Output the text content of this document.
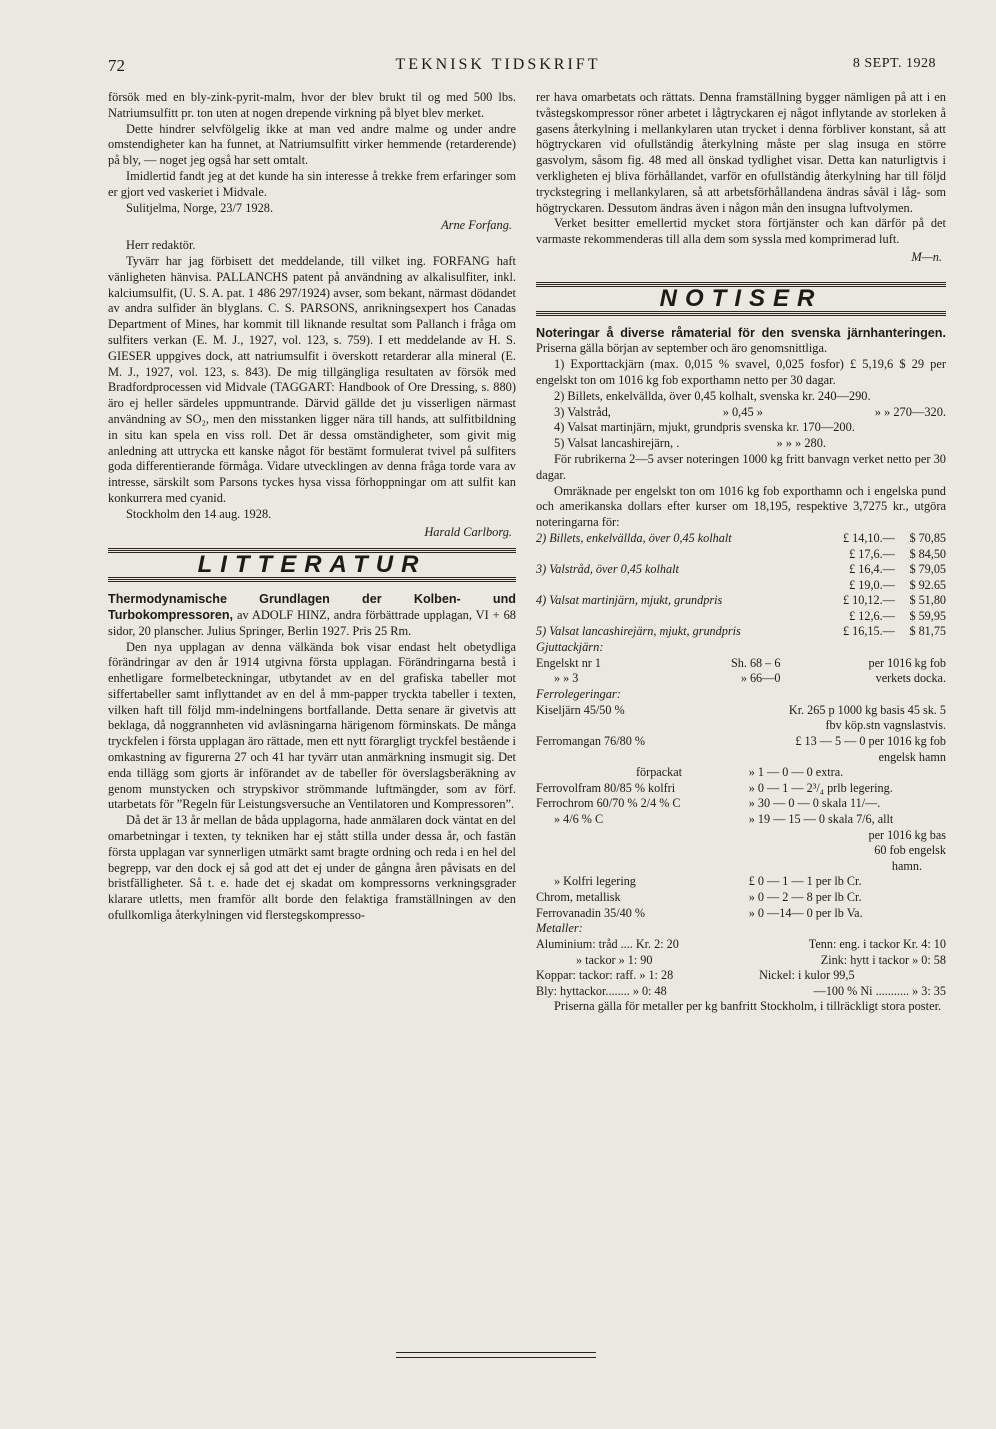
72	TEKNISK TIDSKRIFT	8 SEPT. 1928

försök med en bly-zink-pyrit-malm, hvor der blev brukt til og med 500 lbs. Natriumsulfitt pr. ton uten at nogen drepende virkning på blyet blev merket.

Dette hindrer selvfölgelig ikke at man ved andre malme og under andre omstendigheter kan ha funnet, at Natriumsulfitt virker hemmende (retarderende) på bly, — noget jeg også har sett omtalt.

Imidlertid fandt jeg at det kunde ha sin interesse å trekke frem erfaringer som er gjort ved vaskeriet i Midvale.

Sulitjelma, Norge, 23/7 1928.

Arne Forfang.

Herr redaktör.

Tyvärr har jag förbisett det meddelande, till vilket ing. FORFANG haft vänligheten hänvisa. PALLANCHS patent på användning av alkalisulfiter, inkl. kalciumsulfit, (U. S. A. pat. 1 486 297/1924) avser, som bekant, närmast dödandet av andra sulfider än blyglans. C. S. PARSONS, anrikningsexpert hos Canadas Department of Mines, har kommit till liknande resultat som Pallanch i fråga om sulfiters verkan (E. M. J., 1927, vol. 123, s. 759). I ett meddelande av H. S. GIESER uppgives dock, att natriumsulfit i överskott retarderar alla mineral (E. M. J., 1927, vol. 123, s. 843). De mig tillgängliga resultaten av försök med Bradfordprocessen vid Midvale (TAGGART: Handbook of Ore Dressing, s. 880) äro ej heller särdeles uppmuntrande. Därvid gällde det ju visserligen närmast användning av SO₂, men den misstanken ligger nära till hands, att sulfitbildning in situ kan spela en viss roll. Det är dessa omständigheter, som givit mig anledning att uttrycka ett kanske något för bestämt formulerat tvivel på sulfiters goda differentierande förmåga. Vidare utvecklingen av denna fråga torde vara av intresse, särskilt som Parsons tyckes hysa vissa förhoppningar om att sulfit kan konkurrera med cyanid.

Stockholm den 14 aug. 1928.

Harald Carlborg.

LITTERATUR

Thermodynamische Grundlagen der Kolben- und Turbokompressoren, av ADOLF HINZ, andra förbättrade upplagan, VI + 68 sidor, 20 planscher. Julius Springer, Berlin 1927. Pris 25 Rm.

Den nya upplagan av denna välkända bok visar endast helt obetydliga förändringar av den år 1914 utgivna första upplagan. Förändringarna bestå i enhetligare formelbeteckningar, utbytandet av en del grafiska tabeller mot siffertabeller samt inflyttandet av en del å mm-papper tryckta tabeller i texten, vilken haft till följd mm-indelningens bortfallande. Detta senare är givetvis att beklaga, då noggrannheten vid avläsningarna härigenom förminskats. De många tryckfelen i första upplagan äro rättade, men ett nytt förargligt tryckfel bestående i omkastning av figurerna 27 och 41 har tyvärr utan anmärkning insmugit sig. Det enda tillägg som gjorts är införandet av de tabeller för överslagsberäkning av genom munstycken och strypskivor strömmande luftmängder, som av förf. utarbetats för ”Regeln für Leistungsversuche an Ventilatoren und Kompressoren”.

Då det är 13 år mellan de båda upplagorna, hade anmälaren dock väntat en del omarbetningar i texten, ty tekniken har ej stått stilla under dessa år, och fastän första upplagan var synnerligen utmärkt samt bragte ordning och reda i en hel del begrepp, var den dock ej så god att det ej under de gångna åren påvisats en del bristfälligheter. Så t. e. hade det ej skadat om kompressorns verkningsgrader klarare utletts, men framför allt borde den felaktiga framställningen av den ofullkomliga återkylningen vid flerstegskompresso-

rer hava omarbetats och rättats. Denna framställning bygger nämligen på att i en tvåstegskompressor röner arbetet i lågtryckaren ej något inflytande av storleken å gasens återkylning i mellankylaren utan trycket i denna förbliver konstant, så att högtryckaren vid ofullständig återkylning måste per slag insuga en större gasvolym, såsom fig. 48 med all önskad tydlighet visar. Detta kan naturligtvis i verkligheten ej bliva förhållandet, varför en ofullständig återkylning har till följd tryckstegring i mellankylaren, så att arbetsförhållandena ändras såväl i låg- som högtryckaren. Dessutom ändras även i någon mån den insugna luftvolymen.

Verket besitter emellertid mycket stora förtjänster och kan därför på det varmaste rekommenderas till alla dem som syssla med komprimerad luft.

M—n.

NOTISER

Noteringar å diverse råmaterial för den svenska järnhanteringen. Priserna gälla början av september och äro genomsnittliga.

1) Exporttackjärn (max. 0,015 % svavel, 0,025 fosfor) £ 5,19,6 $ 29 per engelskt ton om 1016 kg fob exporthamn netto per 30 dagar.

2) Billets, enkelvällda, över 0,45 kolhalt, svenska kr. 240—290.

3) Valstråd,	» 0,45 »	» » 270—320.

4) Valsat martinjärn, mjukt, grundpris svenska kr. 170—200.

5) Valsat lancashirejärn, .	» » » 280.

För rubrikerna 2—5 avser noteringen 1000 kg fritt banvagn verket netto per 30 dagar.

Omräknade per engelskt ton om 1016 kg fob exporthamn och i engelska pund och amerikanska dollars efter kurser om 18,195, respektive 3,7275 kr., utgöra noteringarna för:

2) Billets, enkelvällda, över 0,45 kolhalt	£ 14,10.—	$ 70,85
	£ 17,6.—	$ 84,50
3) Valstråd, över 0,45 kolhalt	£ 16,4.—	$ 79,05
	£ 19,0.—	$ 92.65
4) Valsat martinjärn, mjukt, grundpris	£ 10,12.—	$ 51,80
	£ 12,6.—	$ 59,95
5) Valsat lancashirejärn, mjukt, grundpris	£ 16,15.—	$ 81,75

Gjuttackjärn:

Engelskt nr 1	Sh. 68 – 6	per 1016 kg fob
» » 3	» 66—0	verkets docka.

Ferrolegeringar:

Kiseljärn 45/50 %	Kr. 265 p 1000 kg basis 45 sk. 5
	fbv köp.stn vagnslastvis.
Ferromangan 76/80 %	£ 13 — 5 — 0 per 1016 kg fob
	engelsk hamn
förpackat	» 1 — 0 — 0 extra.
Ferrovolfram 80/85 % kolfri	» 0 — 1 — 2³/₄ prlb legering.
Ferrochrom 60/70 % 2/4 % C	» 30 — 0 — 0 skala 11/—.
» 4/6 % C	» 19 — 15 — 0 skala 7/6, allt
	per 1016 kg bas
	60 fob engelsk
	hamn.
» Kolfri legering	£ 0 — 1 — 1 per lb Cr.
Chrom, metallisk	» 0 — 2 — 8 per lb Cr.
Ferrovanadin 35/40 %	» 0 —14— 0 per lb Va.

Metaller:

Aluminium: tråd .... Kr. 2: 20	Tenn: eng. i tackor Kr. 4: 10
» tackor » 1: 90	Zink: hytt i tackor » 0: 58
Koppar: tackor: raff. » 1: 28	Nickel: i kulor 99,5
Bly: hyttackor........ » 0: 48	—100 % Ni ........... » 3: 35

Priserna gälla för metaller per kg banfritt Stockholm, i tillräckligt stora poster.
